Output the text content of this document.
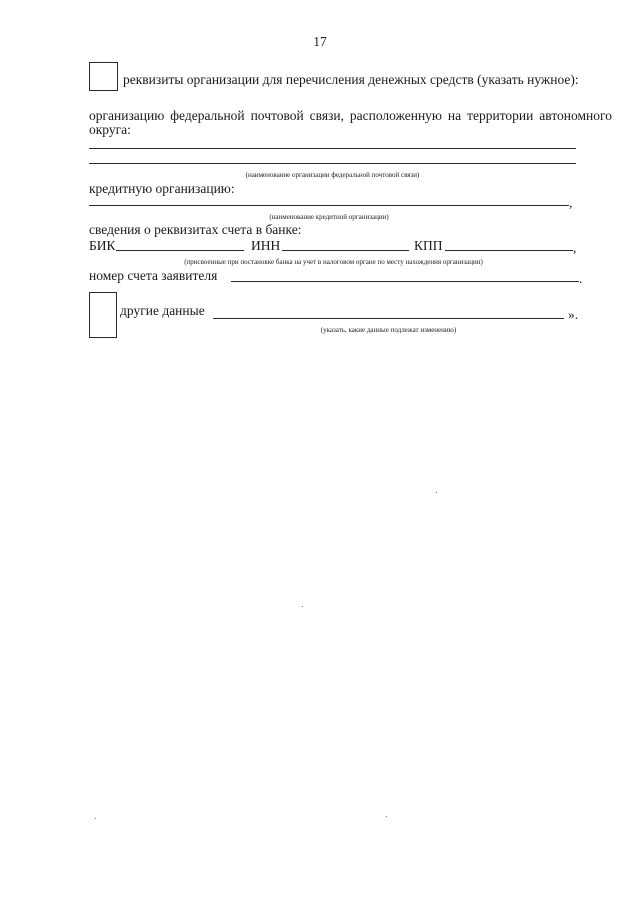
17
реквизиты организации для перечисления денежных средств (указать нужное):
организацию федеральной почтовой связи, расположенную на территории автономного
округа:
(наименование организации федеральной почтовой связи)
кредитную организацию:
,
(наименование кредитной организации)
сведения о реквизитах счета в банке:
БИК	ИНН	КПП	,
(присвоенные при постановке банка на учет в налоговом органе по месту нахождения организации)
номер счета заявителя	.
другие данные	».
(указать, какие данные подлежат изменению)
